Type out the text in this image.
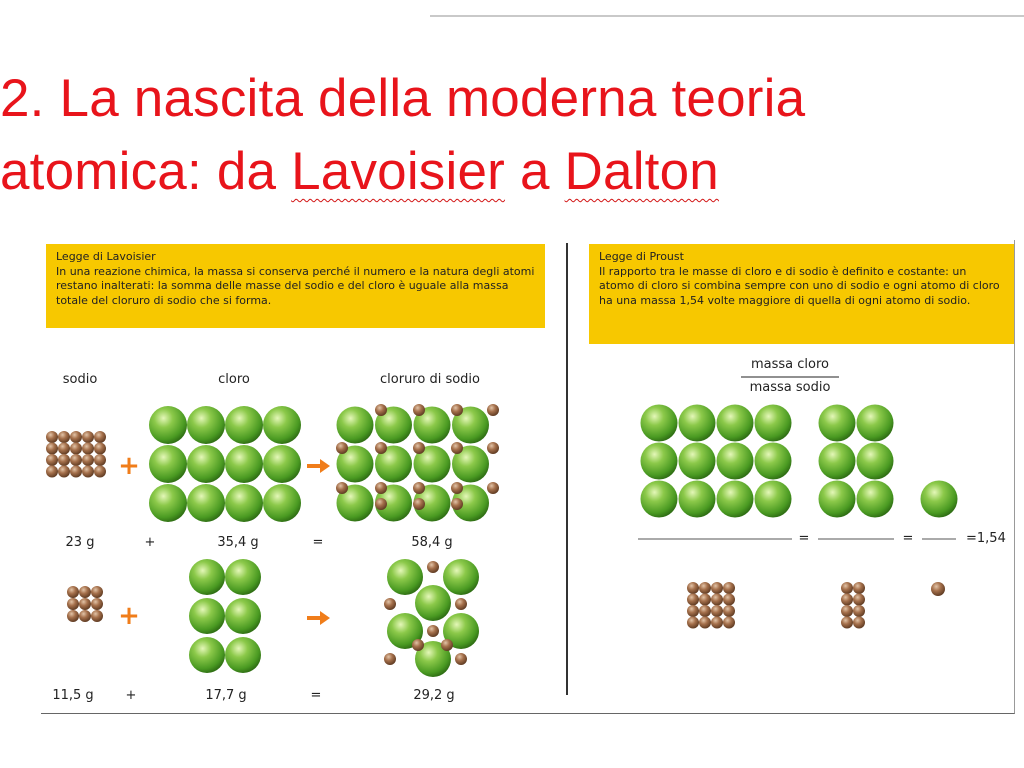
2. La nascita della moderna teoria
atomica: da Lavoisier a Dalton
Legge di Lavoisier
In una reazione chimica, la massa si conserva perché il numero e la natura degli atomi restano inalterati: la somma delle masse del sodio e del cloro è uguale alla massa totale del cloruro di sodio che si forma.
Legge di Proust
Il rapporto tra le masse di cloro e di sodio è definito e costante: un atomo di cloro si combina sempre con uno di sodio e ogni atomo di cloro ha una massa 1,54 volte maggiore di quella di ogni atomo di sodio.
sodio	cloro	cloruro di sodio
+
+
23 g	+	35,4 g	=	58,4 g
11,5 g +	17,7 g	=	29,2 g
massa cloro
massa sodio
=	=	=1,54
